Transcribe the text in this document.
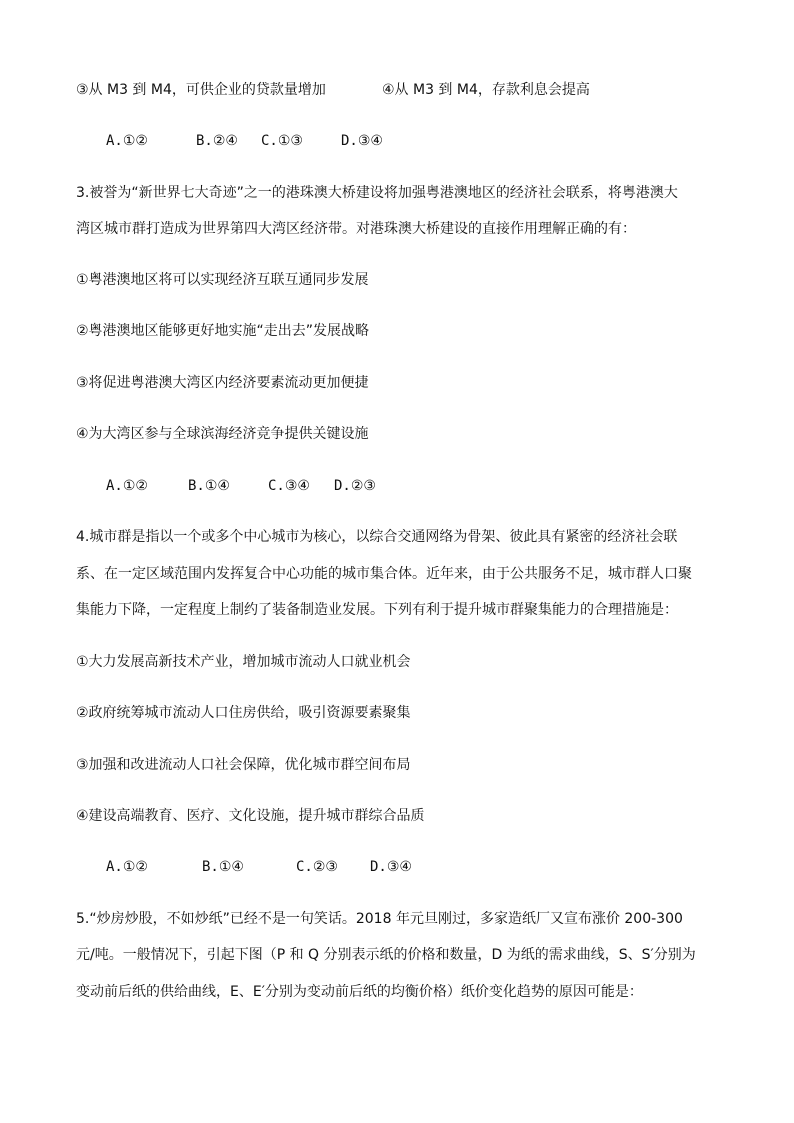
③从 M3 到 M4，可供企业的贷款量增加	④从 M3 到 M4，存款利息会提高
A.①②	B.②④ C.①③	D.③④
3.被誉为“新世界七大奇迹”之一的港珠澳大桥建设将加强粤港澳地区的经济社会联系，将粤港澳大
湾区城市群打造成为世界第四大湾区经济带。对港珠澳大桥建设的直接作用理解正确的有：
①粤港澳地区将可以实现经济互联互通同步发展
②粤港澳地区能够更好地实施“走出去”发展战略
③将促进粤港澳大湾区内经济要素流动更加便捷
④为大湾区参与全球滨海经济竞争提供关键设施
A.①②	B.①④	C.③④ D.②③
4.城市群是指以一个或多个中心城市为核心，以综合交通网络为骨架、彼此具有紧密的经济社会联
系、在一定区域范围内发挥复合中心功能的城市集合体。近年来，由于公共服务不足，城市群人口聚
集能力下降，一定程度上制约了装备制造业发展。下列有利于提升城市群聚集能力的合理措施是：
①大力发展高新技术产业，增加城市流动人口就业机会
②政府统筹城市流动人口住房供给，吸引资源要素聚集
③加强和改进流动人口社会保障，优化城市群空间布局
④建设高端教育、医疗、文化设施，提升城市群综合品质
A.①②	B.①④	C.②③ D.③④
5.“炒房炒股，不如炒纸”已经不是一句笑话。2018 年元旦刚过，多家造纸厂又宣布涨价 200-300
元/吨。一般情况下，引起下图（P 和 Q 分别表示纸的价格和数量，D 为纸的需求曲线，S、S′分别为
变动前后纸的供给曲线，E、E′分别为变动前后纸的均衡价格）纸价变化趋势的原因可能是：
